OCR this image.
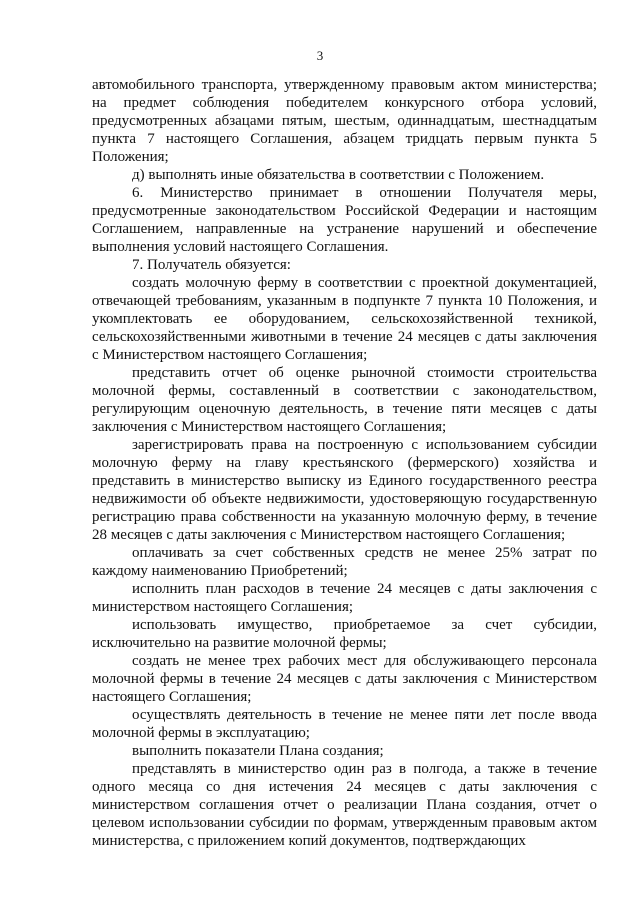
3

автомобильного транспорта, утвержденному правовым актом министерства; на предмет соблюдения победителем конкурсного отбора условий, предусмотренных абзацами пятым, шестым, одиннадцатым, шестнадцатым пункта 7 настоящего Соглашения, абзацем тридцать первым пункта 5 Положения;

д) выполнять иные обязательства в соответствии с Положением.

6. Министерство принимает в отношении Получателя меры, предусмотренные законодательством Российской Федерации и настоящим Соглашением, направленные на устранение нарушений и обеспечение выполнения условий настоящего Соглашения.

7. Получатель обязуется:

создать молочную ферму в соответствии с проектной документацией, отвечающей требованиям, указанным в подпункте 7 пункта 10 Положения, и укомплектовать ее оборудованием, сельскохозяйственной техникой, сельскохозяйственными животными в течение 24 месяцев с даты заключения с Министерством настоящего Соглашения;

представить отчет об оценке рыночной стоимости строительства молочной фермы, составленный в соответствии с законодательством, регулирующим оценочную деятельность, в течение пяти месяцев с даты заключения с Министерством настоящего Соглашения;

зарегистрировать права на построенную с использованием субсидии молочную ферму на главу крестьянского (фермерского) хозяйства и представить в министерство выписку из Единого государственного реестра недвижимости об объекте недвижимости, удостоверяющую государственную регистрацию права собственности на указанную молочную ферму, в течение 28 месяцев с даты заключения с Министерством настоящего Соглашения;

оплачивать за счет собственных средств не менее 25% затрат по каждому наименованию Приобретений;

исполнить план расходов в течение 24 месяцев с даты заключения с министерством настоящего Соглашения;

использовать имущество, приобретаемое за счет субсидии, исключительно на развитие молочной фермы;

создать не менее трех рабочих мест для обслуживающего персонала молочной фермы в течение 24 месяцев с даты заключения с Министерством настоящего Соглашения;

осуществлять деятельность в течение не менее пяти лет после ввода молочной фермы в эксплуатацию;

выполнить показатели Плана создания;

представлять в министерство один раз в полгода, а также в течение одного месяца со дня истечения 24 месяцев с даты заключения с министерством соглашения отчет о реализации Плана создания, отчет о целевом использовании субсидии по формам, утвержденным правовым актом министерства, с приложением копий документов, подтверждающих
